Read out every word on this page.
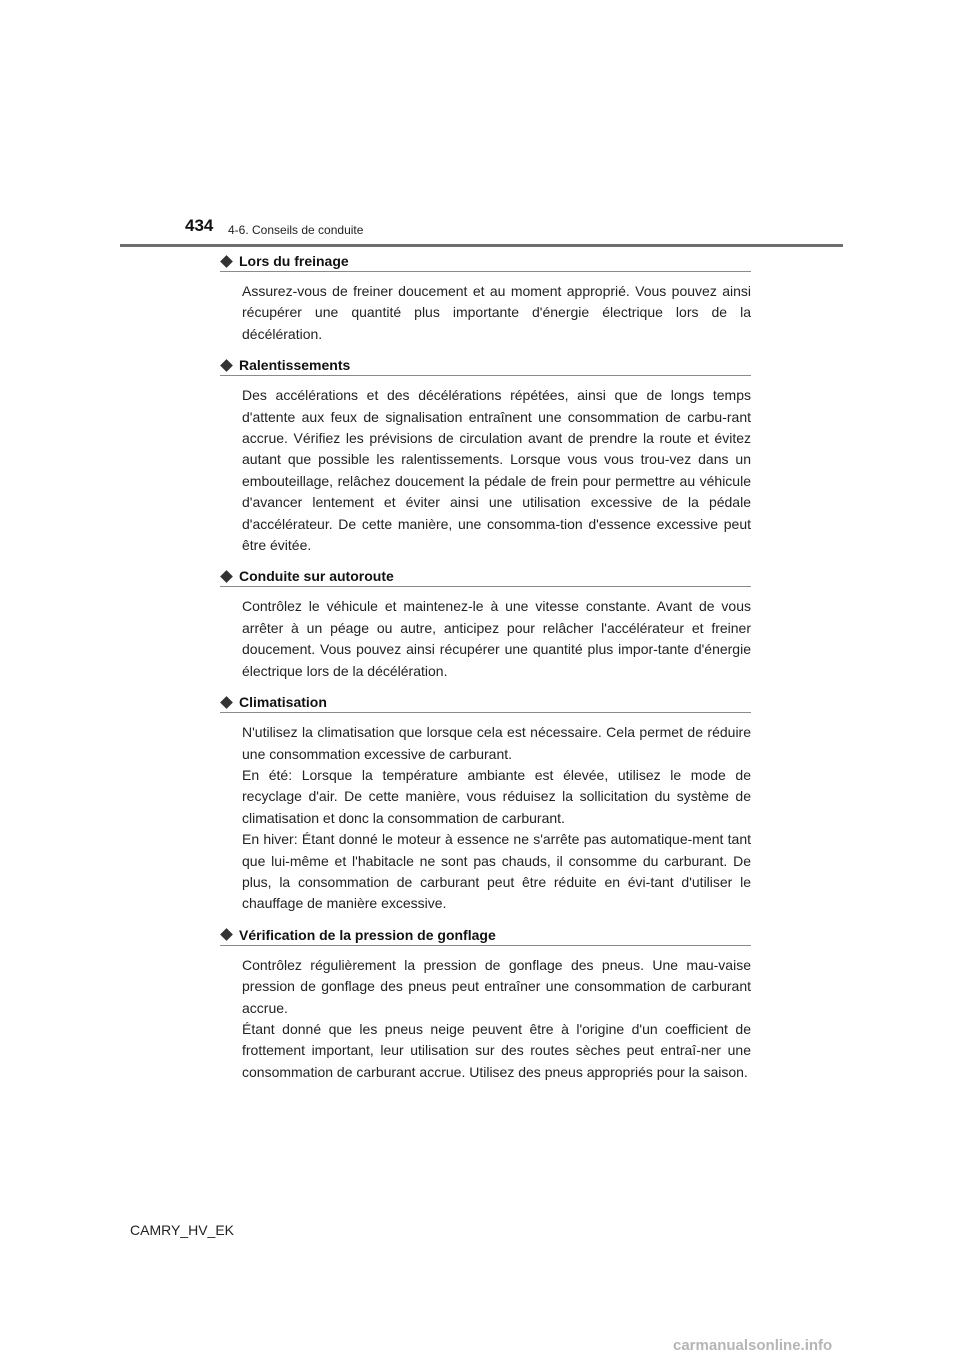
434 4-6. Conseils de conduite
Lors du freinage

Assurez-vous de freiner doucement et au moment approprié. Vous pouvez ainsi récupérer une quantité plus importante d'énergie électrique lors de la décélération.

Ralentissements

Des accélérations et des décélérations répétées, ainsi que de longs temps d'attente aux feux de signalisation entraînent une consommation de carbu-rant accrue. Vérifiez les prévisions de circulation avant de prendre la route et évitez autant que possible les ralentissements. Lorsque vous vous trou-vez dans un embouteillage, relâchez doucement la pédale de frein pour permettre au véhicule d'avancer lentement et éviter ainsi une utilisation excessive de la pédale d'accélérateur. De cette manière, une consomma-tion d'essence excessive peut être évitée.

Conduite sur autoroute

Contrôlez le véhicule et maintenez-le à une vitesse constante. Avant de vous arrêter à un péage ou autre, anticipez pour relâcher l'accélérateur et freiner doucement. Vous pouvez ainsi récupérer une quantité plus impor-tante d'énergie électrique lors de la décélération.

Climatisation

N'utilisez la climatisation que lorsque cela est nécessaire. Cela permet de réduire une consommation excessive de carburant.

En été: Lorsque la température ambiante est élevée, utilisez le mode de recyclage d'air. De cette manière, vous réduisez la sollicitation du système de climatisation et donc la consommation de carburant.

En hiver: Étant donné le moteur à essence ne s'arrête pas automatique-ment tant que lui-même et l'habitacle ne sont pas chauds, il consomme du carburant. De plus, la consommation de carburant peut être réduite en évi-tant d'utiliser le chauffage de manière excessive.

Vérification de la pression de gonflage

Contrôlez régulièrement la pression de gonflage des pneus. Une mau-vaise pression de gonflage des pneus peut entraîner une consommation de carburant accrue.

Étant donné que les pneus neige peuvent être à l'origine d'un coefficient de frottement important, leur utilisation sur des routes sèches peut entraî-ner une consommation de carburant accrue. Utilisez des pneus appropriés pour la saison.

CAMRY_HV_EK
carmanualsonline.info
